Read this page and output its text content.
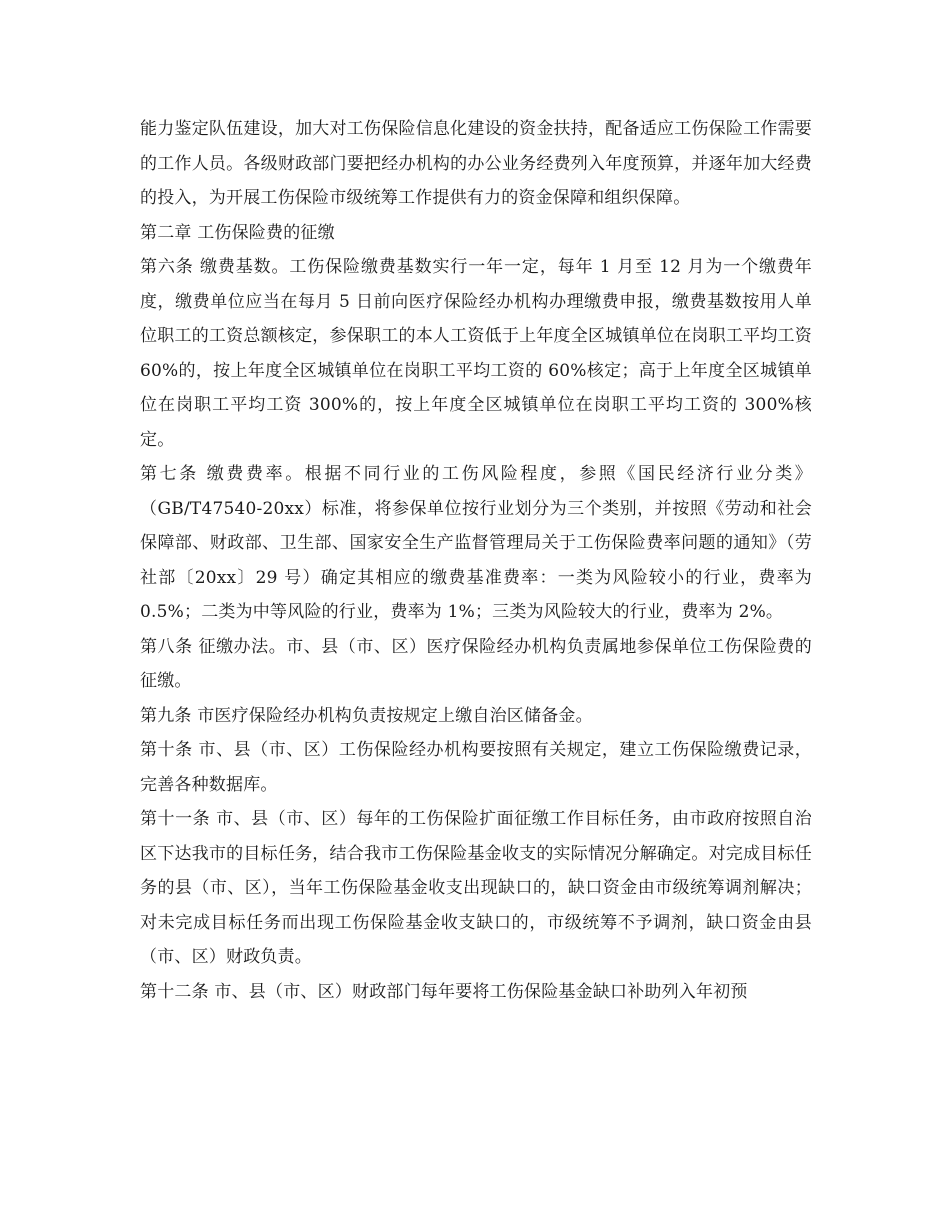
能力鉴定队伍建设，加大对工伤保险信息化建设的资金扶持，配备适应工伤保险工作需要的工作人员。各级财政部门要把经办机构的办公业务经费列入年度预算，并逐年加大经费的投入，为开展工伤保险市级统筹工作提供有力的资金保障和组织保障。

第二章 工伤保险费的征缴

第六条 缴费基数。工伤保险缴费基数实行一年一定，每年 1 月至 12 月为一个缴费年度，缴费单位应当在每月 5 日前向医疗保险经办机构办理缴费申报，缴费基数按用人单位职工的工资总额核定，参保职工的本人工资低于上年度全区城镇单位在岗职工平均工资 60%的，按上年度全区城镇单位在岗职工平均工资的 60%核定；高于上年度全区城镇单位在岗职工平均工资 300%的，按上年度全区城镇单位在岗职工平均工资的 300%核定。

第七条 缴费费率。根据不同行业的工伤风险程度，参照《国民经济行业分类》（GB/T47540-20xx）标准，将参保单位按行业划分为三个类别，并按照《劳动和社会保障部、财政部、卫生部、国家安全生产监督管理局关于工伤保险费率问题的通知》（劳社部〔20xx〕29 号）确定其相应的缴费基准费率：一类为风险较小的行业，费率为 0.5%；二类为中等风险的行业，费率为 1%；三类为风险较大的行业，费率为 2%。

第八条 征缴办法。市、县（市、区）医疗保险经办机构负责属地参保单位工伤保险费的征缴。

第九条 市医疗保险经办机构负责按规定上缴自治区储备金。

第十条 市、县（市、区）工伤保险经办机构要按照有关规定，建立工伤保险缴费记录，完善各种数据库。

第十一条 市、县（市、区）每年的工伤保险扩面征缴工作目标任务，由市政府按照自治区下达我市的目标任务，结合我市工伤保险基金收支的实际情况分解确定。对完成目标任务的县（市、区），当年工伤保险基金收支出现缺口的，缺口资金由市级统筹调剂解决；对未完成目标任务而出现工伤保险基金收支缺口的，市级统筹不予调剂，缺口资金由县（市、区）财政负责。

第十二条 市、县（市、区）财政部门每年要将工伤保险基金缺口补助列入年初预
